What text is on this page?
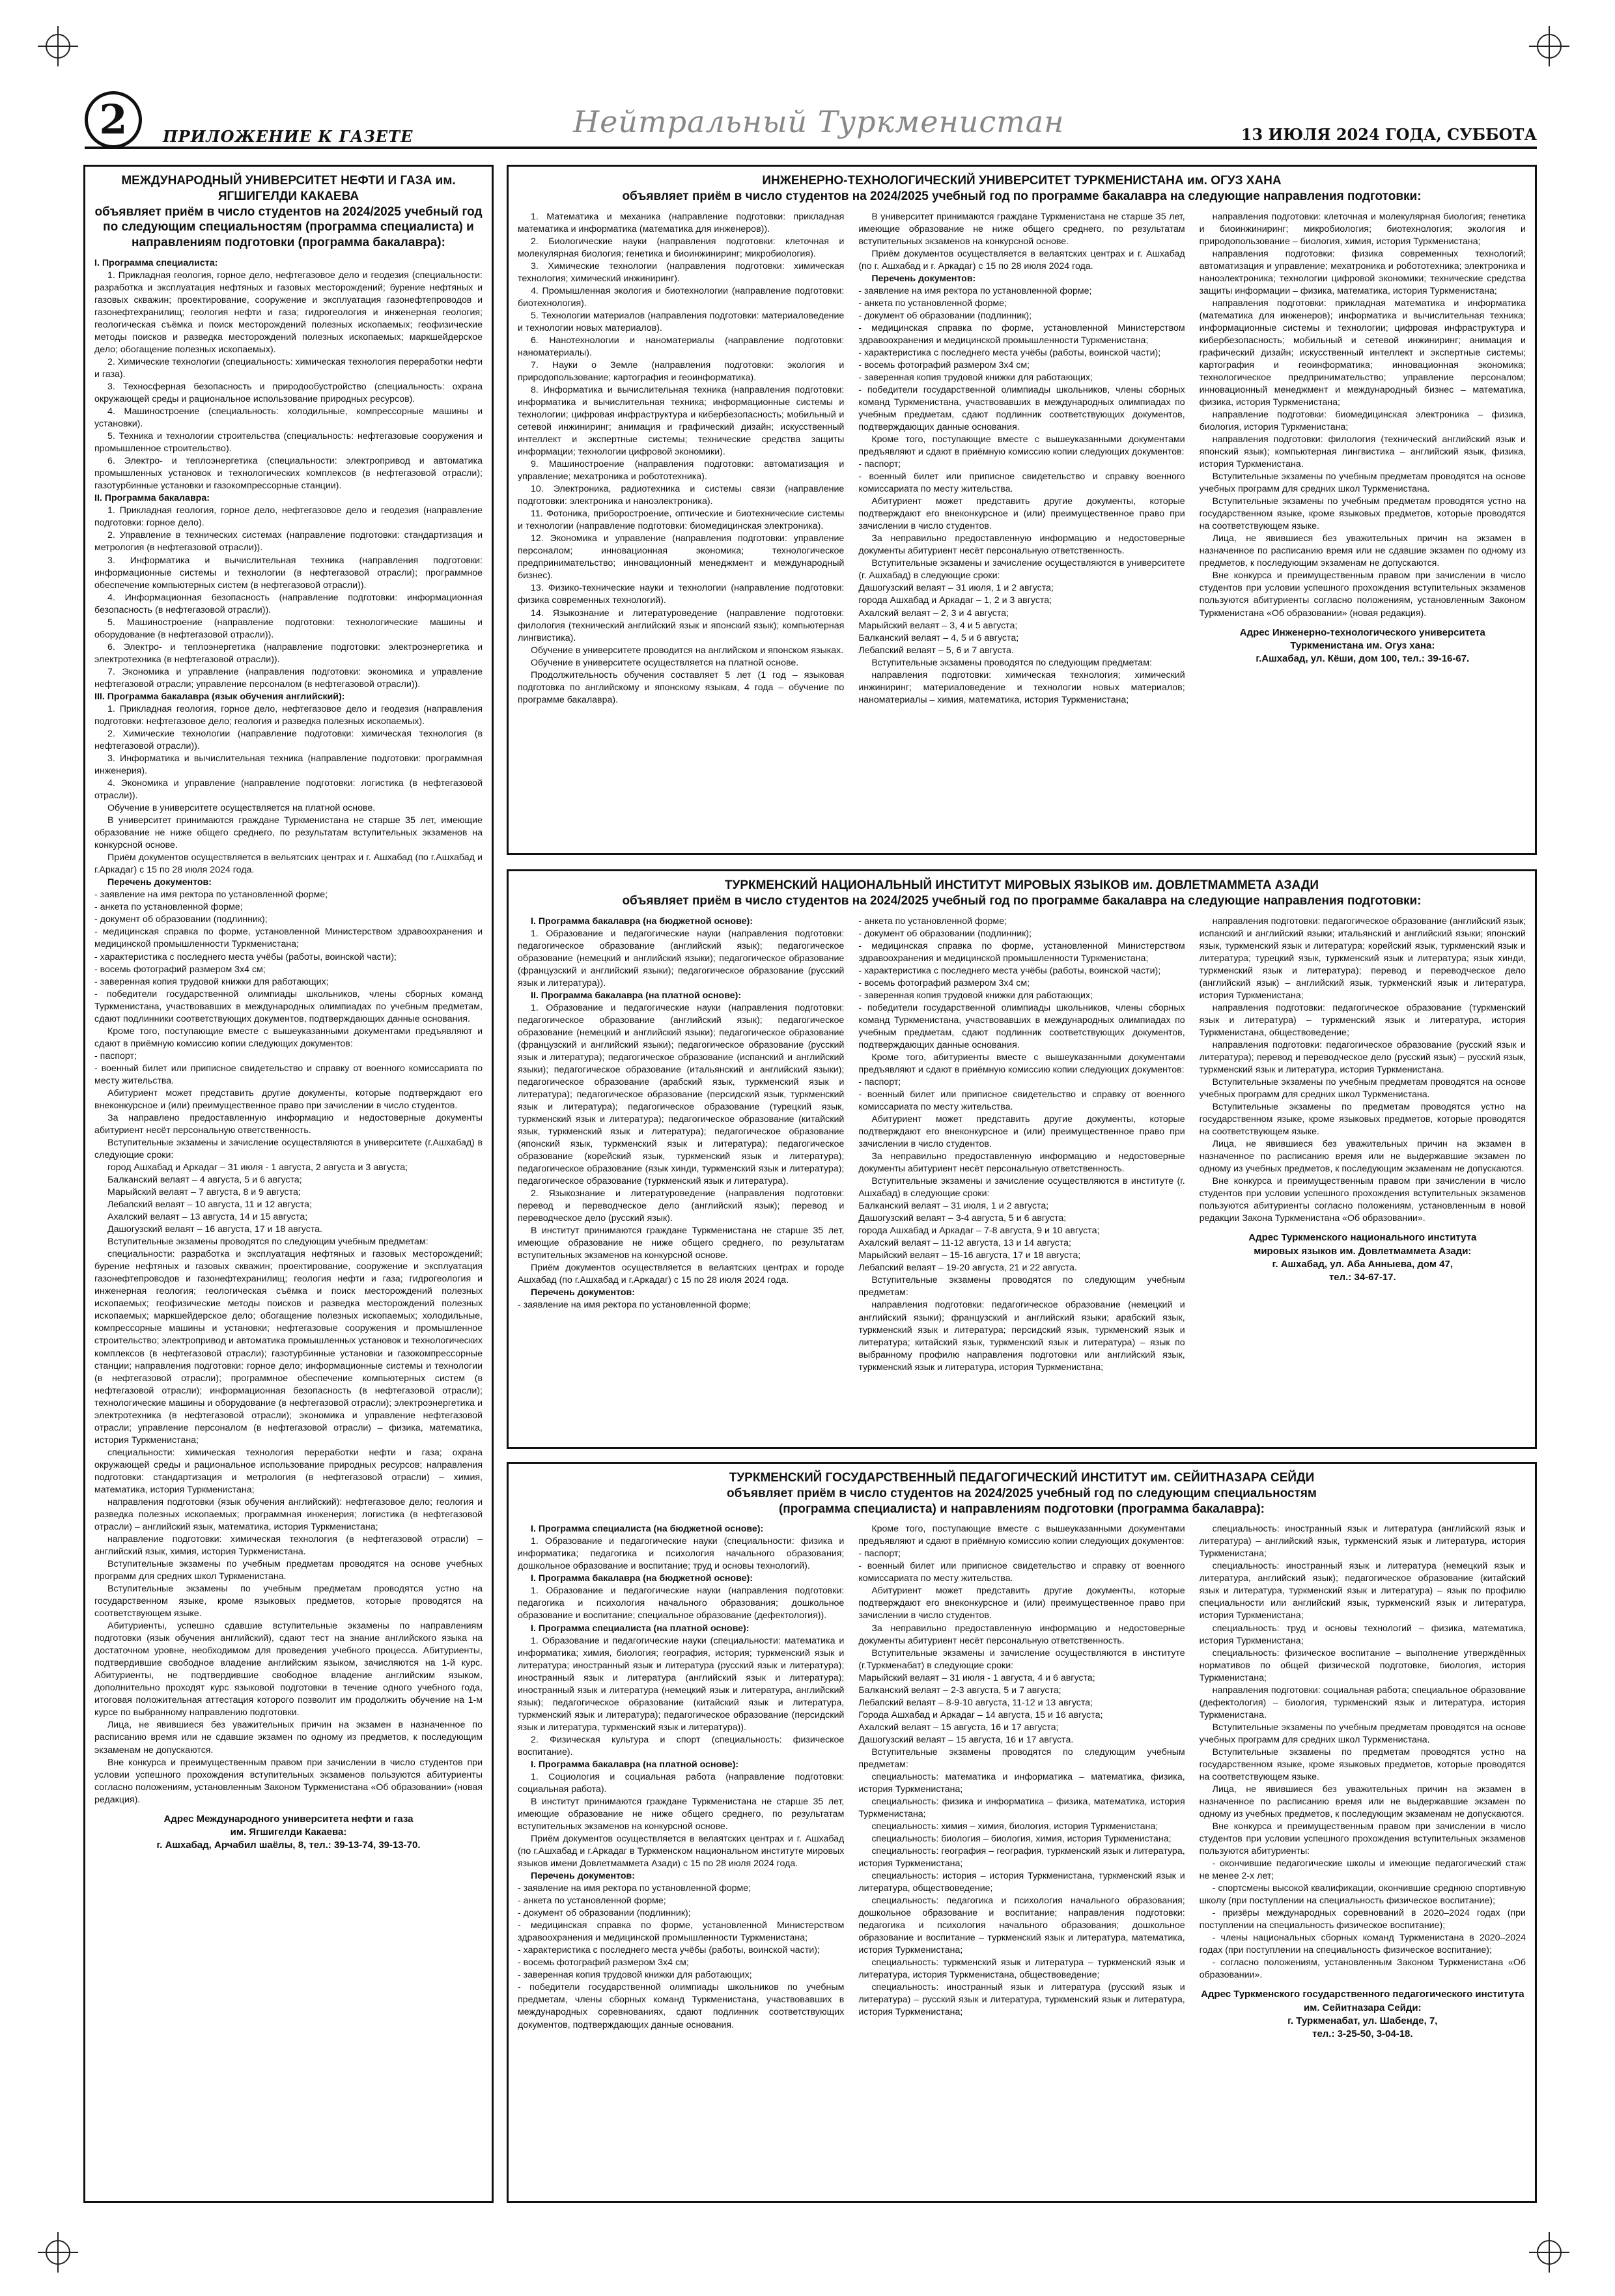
2	ПРИЛОЖЕНИЕ К ГАЗЕТЕ	Нейтральный Туркменистан	13 ИЮЛЯ 2024 ГОДА, СУББОТА
МЕЖДУНАРОДНЫЙ УНИВЕРСИТЕТ НЕФТИ И ГАЗА им. ЯГШИГЕЛДИ КАКАЕВА
объявляет приём в число студентов на 2024/2025 учебный год по следующим специальностям (программа специалиста) и направлениям подготовки (программа бакалавра):

I. Программа специалиста:

1. Прикладная геология, горное дело, нефтегазовое дело и геодезия (специальности: разработка и эксплуатация нефтяных и газовых месторождений; бурение нефтяных и газовых скважин; проектирование, сооружение и эксплуатация газонефтепроводов и газонефтехранилищ; геология нефти и газа; гидрогеология и инженерная геология; геологическая съёмка и поиск месторождений полезных ископаемых; геофизические методы поисков и разведка месторождений полезных ископаемых; маркшейдерское дело; обогащение полезных ископаемых).

2. Химические технологии (специальность: химическая технология переработки нефти и газа).

3. Техносферная безопасность и природообустройство (специальность: охрана окружающей среды и рациональное использование природных ресурсов).

4. Машиностроение (специальность: холодильные, компрессорные машины и установки).

5. Техника и технологии строительства (специальность: нефтегазовые сооружения и промышленное строительство).

6. Электро- и теплоэнергетика (специальности: электропривод и автоматика промышленных установок и технологических комплексов (в нефтегазовой отрасли); газотурбинные установки и газокомпрессорные станции).

II. Программа бакалавра:

1. Прикладная геология, горное дело, нефтегазовое дело и геодезия (направление подготовки: горное дело).

2. Управление в технических системах (направление подготовки: стандартизация и метрология (в нефтегазовой отрасли)).

3. Информатика и вычислительная техника (направления подготовки: информационные системы и технологии (в нефтегазовой отрасли); программное обеспечение компьютерных систем (в нефтегазовой отрасли)).

4. Информационная безопасность (направление подготовки: информационная безопасность (в нефтегазовой отрасли)).

5. Машиностроение (направление подготовки: технологические машины и оборудование (в нефтегазовой отрасли)).

6. Электро- и теплоэнергетика (направление подготовки: электроэнергетика и электротехника (в нефтегазовой отрасли)).

7. Экономика и управление (направления подготовки: экономика и управление нефтегазовой отрасли; управление персоналом (в нефтегазовой отрасли)).

III. Программа бакалавра (язык обучения английский):

1. Прикладная геология, горное дело, нефтегазовое дело и геодезия (направления подготовки: нефтегазовое дело; геология и разведка полезных ископаемых).

2. Химические технологии (направление подготовки: химическая технология (в нефтегазовой отрасли)).

3. Информатика и вычислительная техника (направление подготовки: программная инженерия).

4. Экономика и управление (направление подготовки: логистика (в нефтегазовой отрасли)).

Обучение в университете осуществляется на платной основе.

В университет принимаются граждане Туркменистана не старше 35 лет, имеющие образование не ниже общего среднего, по результатам вступительных экзаменов на конкурсной основе.

Приём документов осуществляется в вельятских центрах и г. Ашхабад (по г.Ашхабад и г.Аркадаг) с 15 по 28 июля 2024 года.

Перечень документов:

- заявление на имя ректора по установленной форме;

- анкета по установленной форме;

- документ об образовании (подлинник);

- медицинская справка по форме, установленной Министерством здравоохранения и медицинской промышленности Туркменистана;

- характеристика с последнего места учёбы (работы, воинской части);

- восемь фотографий размером 3x4 см;

- заверенная копия трудовой книжки для работающих;

- победители государственной олимпиады школьников, члены сборных команд Туркменистана, участвовавших в международных олимпиадах по учебным предметам, сдают подлинники соответствующих документов, подтверждающих данные основания.

Кроме того, поступающие вместе с вышеуказанными документами предъявляют и сдают в приёмную комиссию копии следующих документов:

- паспорт;

- военный билет или приписное свидетельство и справку от военного комиссариата по месту жительства.

Абитуриент может представить другие документы, которые подтверждают его внеконкурсное и (или) преимущественное право при зачислении в число студентов.

За направлено предоставленную информацию и недостоверные документы абитуриент несёт персональную ответственность.

Вступительные экзамены и зачисление осуществляются в университете (г.Ашхабад) в следующие сроки:

город Ашхабад и Аркадаг – 31 июля - 1 августа, 2 августа и 3 августа;

Балканский велаят – 4 августа, 5 и 6 августа;

Марыйский велаят – 7 августа, 8 и 9 августа;

Лебапский велаят – 10 августа, 11 и 12 августа;

Ахалский велаят – 13 августа, 14 и 15 августа;

Дашогузский велаят – 16 августа, 17 и 18 августа.

Вступительные экзамены проводятся по следующим учебным предметам:

специальности: разработка и эксплуатация нефтяных и газовых месторождений; бурение нефтяных и газовых скважин; проектирование, сооружение и эксплуатация газонефтепроводов и газонефтехранилищ; геология нефти и газа; гидрогеология и инженерная геология; геологическая съёмка и поиск месторождений полезных ископаемых; геофизические методы поисков и разведка месторождений полезных ископаемых; маркшейдерское дело; обогащение полезных ископаемых; холодильные, компрессорные машины и установки; нефтегазовые сооружения и промышленное строительство; электропривод и автоматика промышленных установок и технологических комплексов (в нефтегазовой отрасли); газотурбинные установки и газокомпрессорные станции; направления подготовки: горное дело; информационные системы и технологии (в нефтегазовой отрасли); программное обеспечение компьютерных систем (в нефтегазовой отрасли); информационная безопасность (в нефтегазовой отрасли); технологические машины и оборудование (в нефтегазовой отрасли); электроэнергетика и электротехника (в нефтегазовой отрасли); экономика и управление нефтегазовой отрасли; управление персоналом (в нефтегазовой отрасли) – физика, математика, история Туркменистана;

специальности: химическая технология переработки нефти и газа; охрана окружающей среды и рациональное использование природных ресурсов; направления подготовки: стандартизация и метрология (в нефтегазовой отрасли) – химия, математика, история Туркменистана;

направления подготовки (язык обучения английский): нефтегазовое дело; геология и разведка полезных ископаемых; программная инженерия; логистика (в нефтегазовой отрасли) – английский язык, математика, история Туркменистана;

направление подготовки: химическая технология (в нефтегазовой отрасли) – английский язык, химия, история Туркменистана.

Вступительные экзамены по учебным предметам проводятся на основе учебных программ для средних школ Туркменистана.

Вступительные экзамены по учебным предметам проводятся устно на государственном языке, кроме языковых предметов, которые проводятся на соответствующем языке.

Абитуриенты, успешно сдавшие вступительные экзамены по направлениям подготовки (язык обучения английский), сдают тест на знание английского языка на достаточном уровне, необходимом для проведения учебного процесса. Абитуриенты, подтвердившие свободное владение английским языком, зачисляются на 1-й курс. Абитуриенты, не подтвердившие свободное владение английским языком, дополнительно проходят курс языковой подготовки в течение одного учебного года, итоговая положительная аттестация которого позволит им продолжить обучение на 1-м курсе по выбранному направлению подготовки.

Лица, не явившиеся без уважительных причин на экзамен в назначенное по расписанию время или не сдавшие экзамен по одному из предметов, к последующим экзаменам не допускаются.

Вне конкурса и преимущественным правом при зачислении в число студентов при условии успешного прохождения вступительных экзаменов пользуются абитуриенты согласно положениям, установленным Законом Туркменистана «Об образовании» (новая редакция).

Адрес Международного университета нефти и газа
им. Ягшигелди Какаева:
г. Ашхабад, Арчабил шаёлы, 8, тел.: 39-13-74, 39-13-70.
ИНЖЕНЕРНО-ТЕХНОЛОГИЧЕСКИЙ УНИВЕРСИТЕТ ТУРКМЕНИСТАНА им. ОГУЗ ХАНА
объявляет приём в число студентов на 2024/2025 учебный год по программе бакалавра на следующие направления подготовки:

1. Математика и механика (направление подготовки: прикладная математика и информатика (математика для инженеров)).

2. Биологические науки (направления подготовки: клеточная и молекулярная биология; генетика и биоинжиниринг; микробиология).

3. Химические технологии (направления подготовки: химическая технология; химический инжиниринг).

4. Промышленная экология и биотехнологии (направление подготовки: биотехнология).

5. Технологии материалов (направления подготовки: материаловедение и технологии новых материалов).

6. Нанотехнологии и наноматериалы (направление подготовки: наноматериалы).

7. Науки о Земле (направления подготовки: экология и природопользование; картография и геоинформатика).

8. Информатика и вычислительная техника (направления подготовки: информатика и вычислительная техника; информационные системы и технологии; цифровая инфраструктура и кибербезопасность; мобильный и сетевой инжиниринг; анимация и графический дизайн; искусственный интеллект и экспертные системы; технические средства защиты информации; технологии цифровой экономики).

9. Машиностроение (направления подготовки: автоматизация и управление; мехатроника и робототехника).

10. Электроника, радиотехника и системы связи (направление подготовки: электроника и наноэлектроника).

11. Фотоника, приборостроение, оптические и биотехнические системы и технологии (направление подготовки: биомедицинская электроника).

12. Экономика и управление (направления подготовки: управление персоналом; инновационная экономика; технологическое предпринимательство; инновационный менеджмент и международный бизнес).

13. Физико-технические науки и технологии (направление подготовки: физика современных технологий).

14. Языкознание и литературоведение (направление подготовки: филология (технический английский язык и японский язык); компьютерная лингвистика).

Обучение в университете проводится на английском и японском языках.

Обучение в университете осуществляется на платной основе.

Продолжительность обучения составляет 5 лет (1 год – языковая подготовка по английскому и японскому языкам, 4 года – обучение по программе бакалавра).

В университет принимаются граждане Туркменистана не старше 35 лет, имеющие образование не ниже общего среднего, по результатам вступительных экзаменов на конкурсной основе.

Приём документов осуществляется в велаятских центрах и г. Ашхабад (по г. Ашхабад и г. Аркадаг) с 15 по 28 июля 2024 года.

Перечень документов:

- заявление на имя ректора по установленной форме;

- анкета по установленной форме;

- документ об образовании (подлинник);

- медицинская справка по форме, установленной Министерством здравоохранения и медицинской промышленности Туркменистана;

- характеристика с последнего места учёбы (работы, воинской части);

- восемь фотографий размером 3x4 см;

- заверенная копия трудовой книжки для работающих;

- победители государственной олимпиады школьников, члены сборных команд Туркменистана, участвовавших в международных олимпиадах по учебным предметам, сдают подлинник соответствующих документов, подтверждающих данные основания.

Кроме того, поступающие вместе с вышеуказанными документами предъявляют и сдают в приёмную комиссию копии следующих документов:

- паспорт;

- военный билет или приписное свидетельство и справку военного комиссариата по месту жительства.

Абитуриент может представить другие документы, которые подтверждают его внеконкурсное и (или) преимущественное право при зачислении в число студентов.

За неправильно предоставленную информацию и недостоверные документы абитуриент несёт персональную ответственность.

Вступительные экзамены и зачисление осуществляются в университете (г. Ашхабад) в следующие сроки:

Дашогузский велаят – 31 июля, 1 и 2 августа;

города Ашхабад и Аркадаг – 1, 2 и 3 августа;

Ахалский велаят – 2, 3 и 4 августа;

Марыйский велаят – 3, 4 и 5 августа;

Балканский велаят – 4, 5 и 6 августа;

Лебапский велаят – 5, 6 и 7 августа.

Вступительные экзамены проводятся по следующим предметам:

направления подготовки: химическая технология; химический инжиниринг; материаловедение и технологии новых материалов; наноматериалы – химия, математика, история Туркменистана;

направления подготовки: клеточная и молекулярная биология; генетика и биоинжиниринг; микробиология; биотехнология; экология и природопользование – биология, химия, история Туркменистана;

направления подготовки: физика современных технологий; автоматизация и управление; мехатроника и робототехника; электроника и наноэлектроника; технологии цифровой экономики; технические средства защиты информации – физика, математика, история Туркменистана;

направления подготовки: прикладная математика и информатика (математика для инженеров); информатика и вычислительная техника; информационные системы и технологии; цифровая инфраструктура и кибербезопасность; мобильный и сетевой инжиниринг; анимация и графический дизайн; искусственный интеллект и экспертные системы; картография и геоинформатика; инновационная экономика; технологическое предпринимательство; управление персоналом; инновационный менеджмент и международный бизнес – математика, физика, история Туркменистана;

направление подготовки: биомедицинская электроника – физика, биология, история Туркменистана;

направления подготовки: филология (технический английский язык и японский язык); компьютерная лингвистика – английский язык, физика, история Туркменистана.

Вступительные экзамены по учебным предметам проводятся на основе учебных программ для средних школ Туркменистана.

Вступительные экзамены по учебным предметам проводятся устно на государственном языке, кроме языковых предметов, которые проводятся на соответствующем языке.

Лица, не явившиеся без уважительных причин на экзамен в назначенное по расписанию время или не сдавшие экзамен по одному из предметов, к последующим экзаменам не допускаются.

Вне конкурса и преимущественным правом при зачислении в число студентов при условии успешного прохождения вступительных экзаменов пользуются абитуриенты согласно положениям, установленным Законом Туркменистана «Об образовании» (новая редакция).

Адрес Инженерно-технологического университета
Туркменистана им. Огуз хана:
г.Ашхабад, ул. Кёши, дом 100, тел.: 39-16-67.
ТУРКМЕНСКИЙ НАЦИОНАЛЬНЫЙ ИНСТИТУТ МИРОВЫХ ЯЗЫКОВ им. ДОВЛЕТМАММЕТА АЗАДИ
объявляет приём в число студентов на 2024/2025 учебный год по программе бакалавра на следующие направления подготовки:

I. Программа бакалавра (на бюджетной основе):

1. Образование и педагогические науки (направления подготовки: педагогическое образование (английский язык); педагогическое образование (немецкий и английский языки); педагогическое образование (французский и английский языки); педагогическое образование (русский язык и литература)).

II. Программа бакалавра (на платной основе):

1. Образование и педагогические науки (направления подготовки: педагогическое образование (английский язык); педагогическое образование (немецкий и английский языки); педагогическое образование (французский и английский языки); педагогическое образование (русский язык и литература); педагогическое образование (испанский и английский языки); педагогическое образование (итальянский и английский языки); педагогическое образование (арабский язык, туркменский язык и литература); педагогическое образование (персидский язык, туркменский язык и литература); педагогическое образование (турецкий язык, туркменский язык и литература); педагогическое образование (китайский язык, туркменский язык и литература); педагогическое образование (японский язык, туркменский язык и литература); педагогическое образование (корейский язык, туркменский язык и литература); педагогическое образование (язык хинди, туркменский язык и литература); педагогическое образование (туркменский язык и литература).

2. Языкознание и литературоведение (направления подготовки: перевод и переводческое дело (английский язык); перевод и переводческое дело (русский язык).

В институт принимаются граждане Туркменистана не старше 35 лет, имеющие образование не ниже общего среднего, по результатам вступительных экзаменов на конкурсной основе.

Приём документов осуществляется в велаятских центрах и городе Ашхабад (по г.Ашхабад и г.Аркадаг) с 15 по 28 июля 2024 года.

Перечень документов:

- заявление на имя ректора по установленной форме;

- анкета по установленной форме;

- документ об образовании (подлинник);

- медицинская справка по форме, установленной Министерством здравоохранения и медицинской промышленности Туркменистана;

- характеристика с последнего места учёбы (работы, воинской части);

- восемь фотографий размером 3x4 см;

- заверенная копия трудовой книжки для работающих;

- победители государственной олимпиады школьников, члены сборных команд Туркменистана, участвовавших в международных олимпиадах по учебным предметам, сдают подлинник соответствующих документов, подтверждающих данные основания.

Кроме того, абитуриенты вместе с вышеуказанными документами предъявляют и сдают в приёмную комиссию копии следующих документов:

- паспорт;

- военный билет или приписное свидетельство и справку от военного комиссариата по месту жительства.

Абитуриент может представить другие документы, которые подтверждают его внеконкурсное и (или) преимущественное право при зачислении в число студентов.

За неправильно предоставленную информацию и недостоверные документы абитуриент несёт персональную ответственность.

Вступительные экзамены и зачисление осуществляются в институте (г. Ашхабад) в следующие сроки:

Балканский велаят – 31 июля, 1 и 2 августа;

Дашогузский велаят – 3-4 августа, 5 и 6 августа;

города Ашхабад и Аркадаг – 7-8 августа, 9 и 10 августа;

Ахалский велаят – 11-12 августа, 13 и 14 августа;

Марыйский велаят – 15-16 августа, 17 и 18 августа;

Лебапский велаят – 19-20 августа, 21 и 22 августа.

Вступительные экзамены проводятся по следующим учебным предметам:

направления подготовки: педагогическое образование (немецкий и английский языки); французский и английский языки; арабский язык, туркменский язык и литература; персидский язык, туркменский язык и литература; китайский язык, туркменский язык и литература) – язык по выбранному профилю направления подготовки или английский язык, туркменский язык и литература, история Туркменистана;

направления подготовки: педагогическое образование (английский язык; испанский и английский языки; итальянский и английский языки; японский язык, туркменский язык и литература; корейский язык, туркменский язык и литература; турецкий язык, туркменский язык и литература; язык хинди, туркменский язык и литература); перевод и переводческое дело (английский язык) – английский язык, туркменский язык и литература, история Туркменистана;

направления подготовки: педагогическое образование (туркменский язык и литература) – туркменский язык и литература, история Туркменистана, обществоведение;

направления подготовки: педагогическое образование (русский язык и литература); перевод и переводческое дело (русский язык) – русский язык, туркменский язык и литература, история Туркменистана.

Вступительные экзамены по учебным предметам проводятся на основе учебных программ для средних школ Туркменистана.

Вступительные экзамены по предметам проводятся устно на государственном языке, кроме языковых предметов, которые проводятся на соответствующем языке.

Лица, не явившиеся без уважительных причин на экзамен в назначенное по расписанию время или не выдержавшие экзамен по одному из учебных предметов, к последующим экзаменам не допускаются.

Вне конкурса и преимущественным правом при зачислении в число студентов при условии успешного прохождения вступительных экзаменов пользуются абитуриенты согласно положениям, установленным в новой редакции Закона Туркменистана «Об образовании».

Адрес Туркменского национального института
мировых языков им. Довлетмаммета Азади:
г. Ашхабад, ул. Аба Анныева, дом 47,
тел.: 34-67-17.
ТУРКМЕНСКИЙ ГОСУДАРСТВЕННЫЙ ПЕДАГОГИЧЕСКИЙ ИНСТИТУТ им. СЕЙИТНАЗАРА СЕЙДИ
объявляет приём в число студентов на 2024/2025 учебный год по следующим специальностям
(программа специалиста) и направлениям подготовки (программа бакалавра):

I. Программа специалиста (на бюджетной основе):

1. Образование и педагогические науки (специальности: физика и информатика; педагогика и психология начального образования; дошкольное образование и воспитание; труд и основы технологий).

I. Программа бакалавра (на бюджетной основе):

1. Образование и педагогические науки (направления подготовки: педагогика и психология начального образования; дошкольное образование и воспитание; специальное образование (дефектология)).

I. Программа специалиста (на платной основе):

1. Образование и педагогические науки (специальности: математика и информатика; химия, биология; география, история; туркменский язык и литература; иностранный язык и литература (русский язык и литература); иностранный язык и литература (английский язык и литература); иностранный язык и литература (немецкий язык и литература, английский язык); педагогическое образование (китайский язык и литература, туркменский язык и литература); педагогическое образование (персидский язык и литература, туркменский язык и литература)).

2. Физическая культура и спорт (специальность: физическое воспитание).

I. Программа бакалавра (на платной основе):

1. Социология и социальная работа (направление подготовки: социальная работа).

В институт принимаются граждане Туркменистана не старше 35 лет, имеющие образование не ниже общего среднего, по результатам вступительных экзаменов на конкурсной основе.

Приём документов осуществляется в велаятских центрах и г. Ашхабад (по г.Ашхабад и г.Аркадаг в Туркменском национальном институте мировых языков имени Довлетмаммета Азади) с 15 по 28 июля 2024 года.

Перечень документов:

- заявление на имя ректора по установленной форме;

- анкета по установленной форме;

- документ об образовании (подлинник);

- медицинская справка по форме, установленной Министерством здравоохранения и медицинской промышленности Туркменистана;

- характеристика с последнего места учёбы (работы, воинской части);

- восемь фотографий размером 3x4 см;

- заверенная копия трудовой книжки для работающих;

- победители государственной олимпиады школьников по учебным предметам, члены сборных команд Туркменистана, участвовавших в международных соревнованиях, сдают подлинник соответствующих документов, подтверждающих данные основания.

Кроме того, поступающие вместе с вышеуказанными документами предъявляют и сдают в приёмную комиссию копии следующих документов:

- паспорт;

- военный билет или приписное свидетельство и справку от военного комиссариата по месту жительства.

Абитуриент может представить другие документы, которые подтверждают его внеконкурсное и (или) преимущественное право при зачислении в число студентов.

За неправильно предоставленную информацию и недостоверные документы абитуриент несёт персональную ответственность.

Вступительные экзамены и зачисление осуществляются в институте (г.Туркменабат) в следующие сроки:

Марыйский велаят – 31 июля - 1 августа, 4 и 6 августа;

Балканский велаят – 2-3 августа, 5 и 7 августа;

Лебапский велаят – 8-9-10 августа, 11-12 и 13 августа;

Города Ашхабад и Аркадаг – 14 августа, 15 и 16 августа;

Ахалский велаят – 15 августа, 16 и 17 августа;

Дашогузский велаят – 15 августа, 16 и 17 августа.

Вступительные экзамены проводятся по следующим учебным предметам:

специальность: математика и информатика – математика, физика, история Туркменистана;

специальность: физика и информатика – физика, математика, история Туркменистана;

специальность: химия – химия, биология, история Туркменистана;

специальность: биология – биология, химия, история Туркменистана;

специальность: география – география, туркменский язык и литература, история Туркменистана;

специальность: история – история Туркменистана, туркменский язык и литература, обществоведение;

специальность: педагогика и психология начального образования; дошкольное образование и воспитание; направления подготовки: педагогика и психология начального образования; дошкольное образование и воспитание – туркменский язык и литература, математика, история Туркменистана;

специальность: туркменский язык и литература – туркменский язык и литература, история Туркменистана, обществоведение;

специальность: иностранный язык и литература (русский язык и литература) – русский язык и литература, туркменский язык и литература, история Туркменистана;

специальность: иностранный язык и литература (английский язык и литература) – английский язык, туркменский язык и литература, история Туркменистана;

специальность: иностранный язык и литература (немецкий язык и литература, английский язык); педагогическое образование (китайский язык и литература, туркменский язык и литература) – язык по профилю специальности или английский язык, туркменский язык и литература, история Туркменистана;

специальность: труд и основы технологий – физика, математика, история Туркменистана;

специальность: физическое воспитание – выполнение утверждённых нормативов по общей физической подготовке, биология, история Туркменистана;

направления подготовки: социальная работа; специальное образование (дефектология) – биология, туркменский язык и литература, история Туркменистана.

Вступительные экзамены по учебным предметам проводятся на основе учебных программ для средних школ Туркменистана.

Вступительные экзамены по предметам проводятся устно на государственном языке, кроме языковых предметов, которые проводятся на соответствующем языке.

Лица, не явившиеся без уважительных причин на экзамен в назначенное по расписанию время или не выдержавшие экзамен по одному из учебных предметов, к последующим экзаменам не допускаются.

Вне конкурса и преимущественным правом при зачислении в число студентов при условии успешного прохождения вступительных экзаменов пользуются абитуриенты:

- окончившие педагогические школы и имеющие педагогический стаж не менее 2-х лет;

- спортсмены высокой квалификации, окончившие среднюю спортивную школу (при поступлении на специальность физическое воспитание);

- призёры международных соревнований в 2020–2024 годах (при поступлении на специальность физическое воспитание);

- члены национальных сборных команд Туркменистана в 2020–2024 годах (при поступлении на специальность физическое воспитание);

- согласно положениям, установленным Законом Туркменистана «Об образовании».

Адрес Туркменского государственного педагогического института им. Сейитназара Сейди:
г. Туркменабат, ул. Шабенде, 7,
тел.: 3-25-50, 3-04-18.
